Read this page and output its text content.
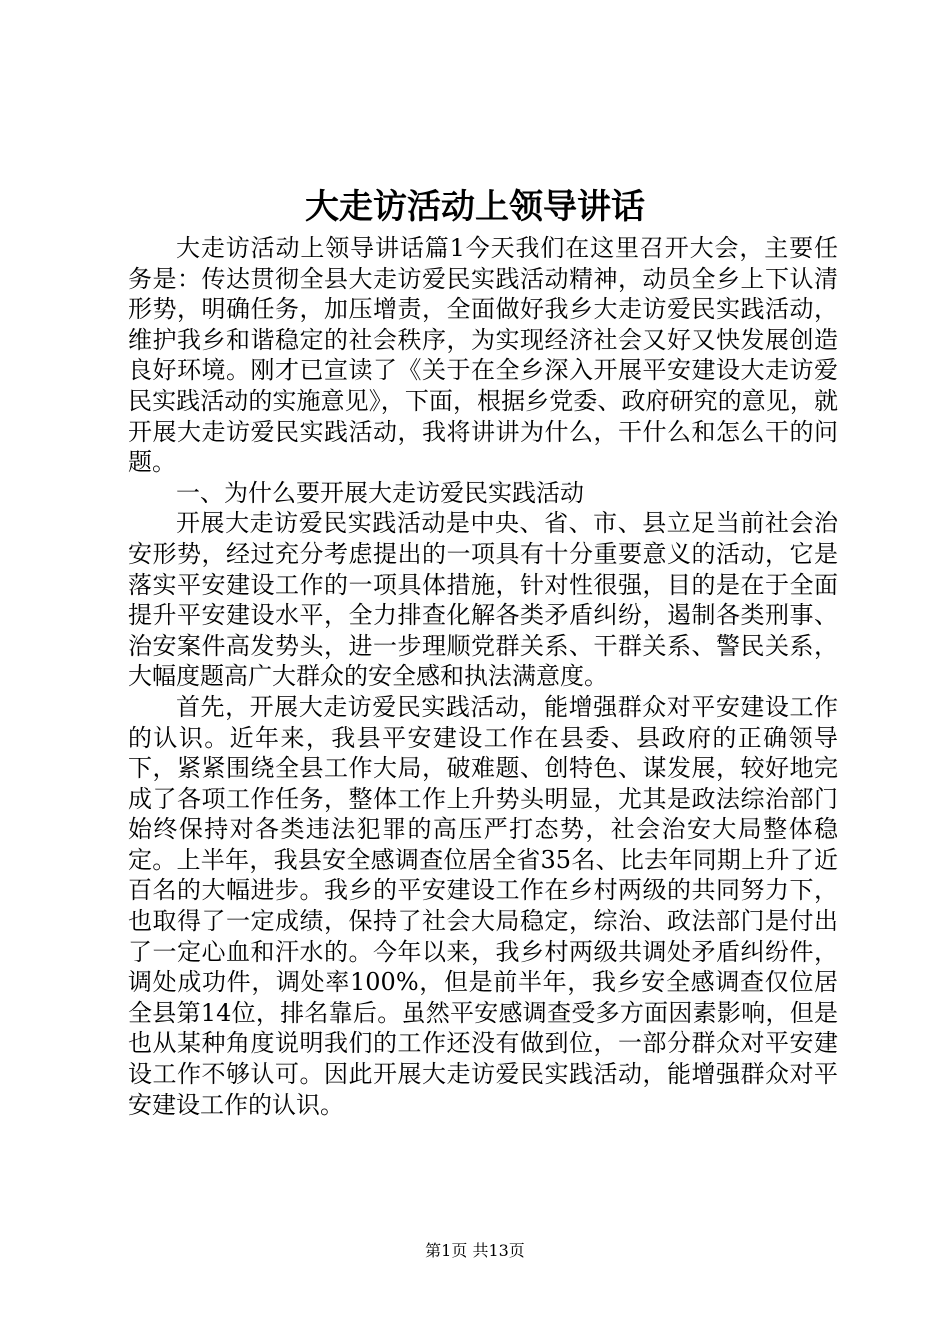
大走访活动上领导讲话

大走访活动上领导讲话篇1今天我们在这里召开大会，主要任务是：传达贯彻全县大走访爱民实践活动精神，动员全乡上下认清形势，明确任务，加压增责，全面做好我乡大走访爱民实践活动，维护我乡和谐稳定的社会秩序，为实现经济社会又好又快发展创造良好环境。刚才已宣读了《关于在全乡深入开展平安建设大走访爱民实践活动的实施意见》，下面，根据乡党委、政府研究的意见，就开展大走访爱民实践活动，我将讲讲为什么，干什么和怎么干的问题。

一、为什么要开展大走访爱民实践活动

开展大走访爱民实践活动是中央、省、市、县立足当前社会治安形势，经过充分考虑提出的一项具有十分重要意义的活动，它是落实平安建设工作的一项具体措施，针对性很强，目的是在于全面提升平安建设水平，全力排查化解各类矛盾纠纷，遏制各类刑事、治安案件高发势头，进一步理顺党群关系、干群关系、警民关系，大幅度题高广大群众的安全感和执法满意度。

首先，开展大走访爱民实践活动，能增强群众对平安建设工作的认识。近年来，我县平安建设工作在县委、县政府的正确领导下，紧紧围绕全县工作大局，破难题、创特色、谋发展，较好地完成了各项工作任务，整体工作上升势头明显，尤其是政法综治部门始终保持对各类违法犯罪的高压严打态势，社会治安大局整体稳定。上半年，我县安全感调查位居全省35名、比去年同期上升了近百名的大幅进步。我乡的平安建设工作在乡村两级的共同努力下，也取得了一定成绩，保持了社会大局稳定，综治、政法部门是付出了一定心血和汗水的。今年以来，我乡村两级共调处矛盾纠纷件，调处成功件，调处率100%，但是前半年，我乡安全感调查仅位居全县第14位，排名靠后。虽然平安感调查受多方面因素影响，但是也从某种角度说明我们的工作还没有做到位，一部分群众对平安建设工作不够认可。因此开展大走访爱民实践活动，能增强群众对平安建设工作的认识。

第1页 共13页
